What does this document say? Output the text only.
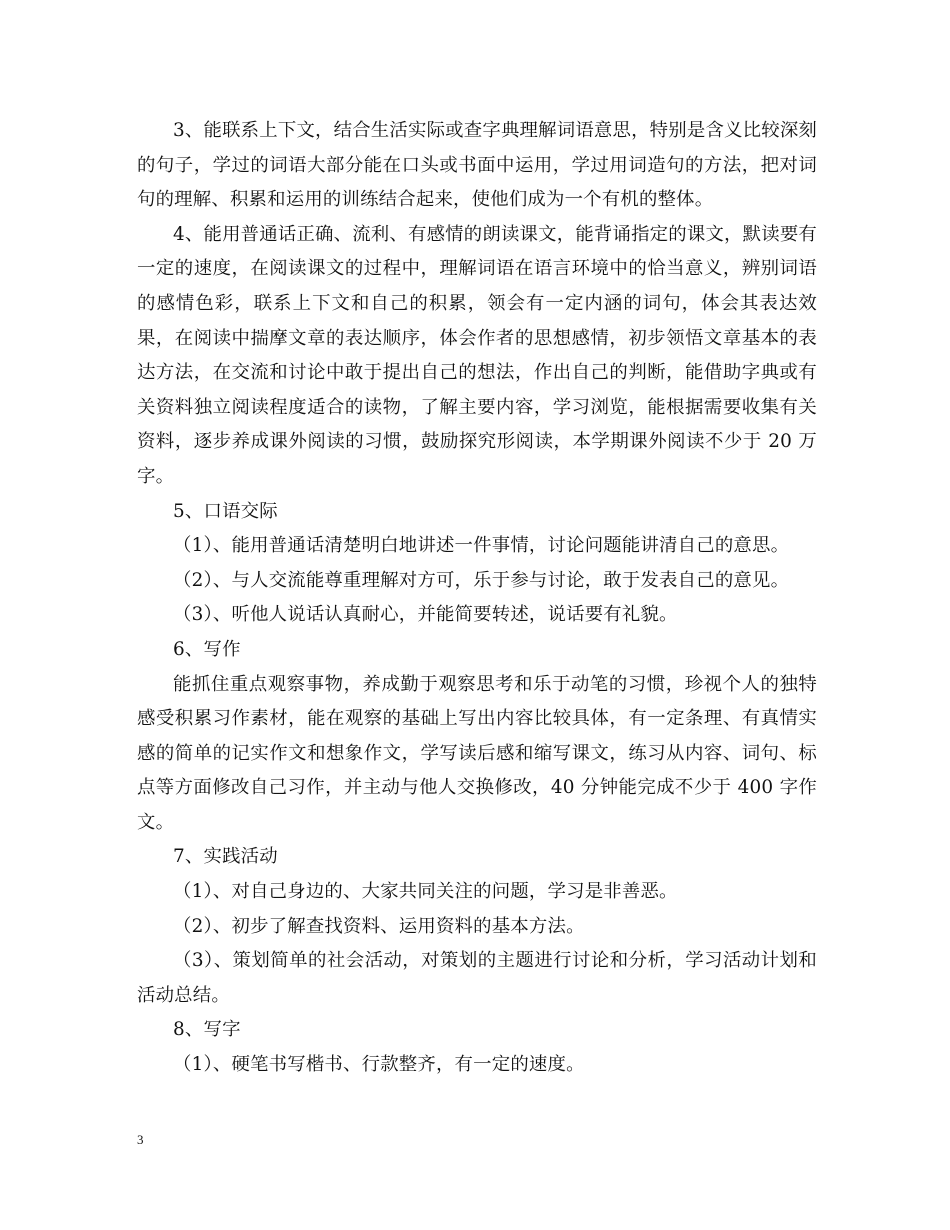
3、能联系上下文，结合生活实际或查字典理解词语意思，特别是含义比较深刻的句子，学过的词语大部分能在口头或书面中运用，学过用词造句的方法，把对词句的理解、积累和运用的训练结合起来，使他们成为一个有机的整体。

4、能用普通话正确、流利、有感情的朗读课文，能背诵指定的课文，默读要有一定的速度，在阅读课文的过程中，理解词语在语言环境中的恰当意义，辨别词语的感情色彩，联系上下文和自己的积累，领会有一定内涵的词句，体会其表达效果，在阅读中揣摩文章的表达顺序，体会作者的思想感情，初步领悟文章基本的表达方法，在交流和讨论中敢于提出自己的想法，作出自己的判断，能借助字典或有关资料独立阅读程度适合的读物，了解主要内容，学习浏览，能根据需要收集有关资料，逐步养成课外阅读的习惯，鼓励探究形阅读，本学期课外阅读不少于 20 万字。

5、口语交际

（1）、能用普通话清楚明白地讲述一件事情，讨论问题能讲清自己的意思。

（2）、与人交流能尊重理解对方可，乐于参与讨论，敢于发表自己的意见。

（3）、听他人说话认真耐心，并能简要转述，说话要有礼貌。

6、写作

能抓住重点观察事物，养成勤于观察思考和乐于动笔的习惯，珍视个人的独特感受积累习作素材，能在观察的基础上写出内容比较具体，有一定条理、有真情实感的简单的记实作文和想象作文，学写读后感和缩写课文，练习从内容、词句、标点等方面修改自己习作，并主动与他人交换修改，40 分钟能完成不少于 400 字作文。

7、实践活动

（1）、对自己身边的、大家共同关注的问题，学习是非善恶。

（2）、初步了解查找资料、运用资料的基本方法。

（3）、策划简单的社会活动，对策划的主题进行讨论和分析，学习活动计划和活动总结。

8、写字

（1）、硬笔书写楷书、行款整齐，有一定的速度。

3
